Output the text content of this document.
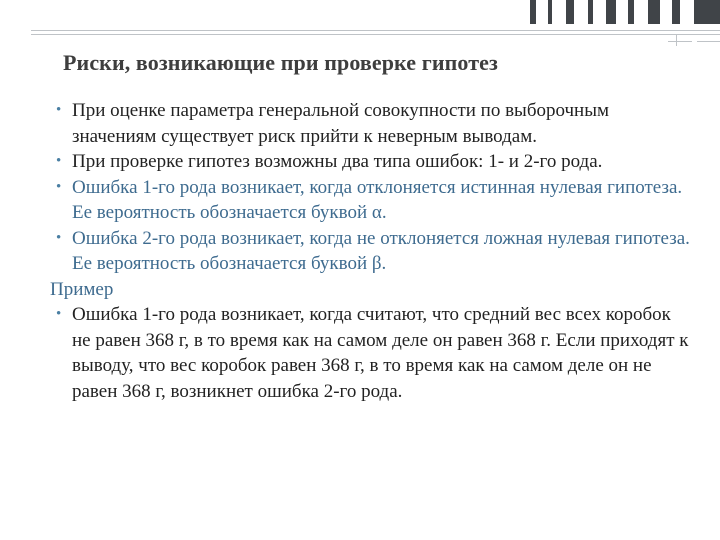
Риски, возникающие при проверке гипотез
• При оценке параметра генеральной совокупности по выборочным значениям существует риск прийти к неверным выводам.
• При проверке гипотез возможны два типа ошибок: 1- и 2-го рода.
• Ошибка 1-го рода возникает, когда отклоняется истинная нулевая гипотеза. Ее вероятность обозначается буквой α.
• Ошибка 2-го рода возникает, когда не отклоняется ложная нулевая гипотеза. Ее вероятность обозначается буквой β.
Пример
• Ошибка 1-го рода возникает, когда считают, что средний вес всех коробок не равен 368 г, в то время как на самом деле он равен 368 г. Если приходят к выводу, что вес коробок равен 368 г, в то время как на самом деле он не равен 368 г, возникнет ошибка 2-го рода.
